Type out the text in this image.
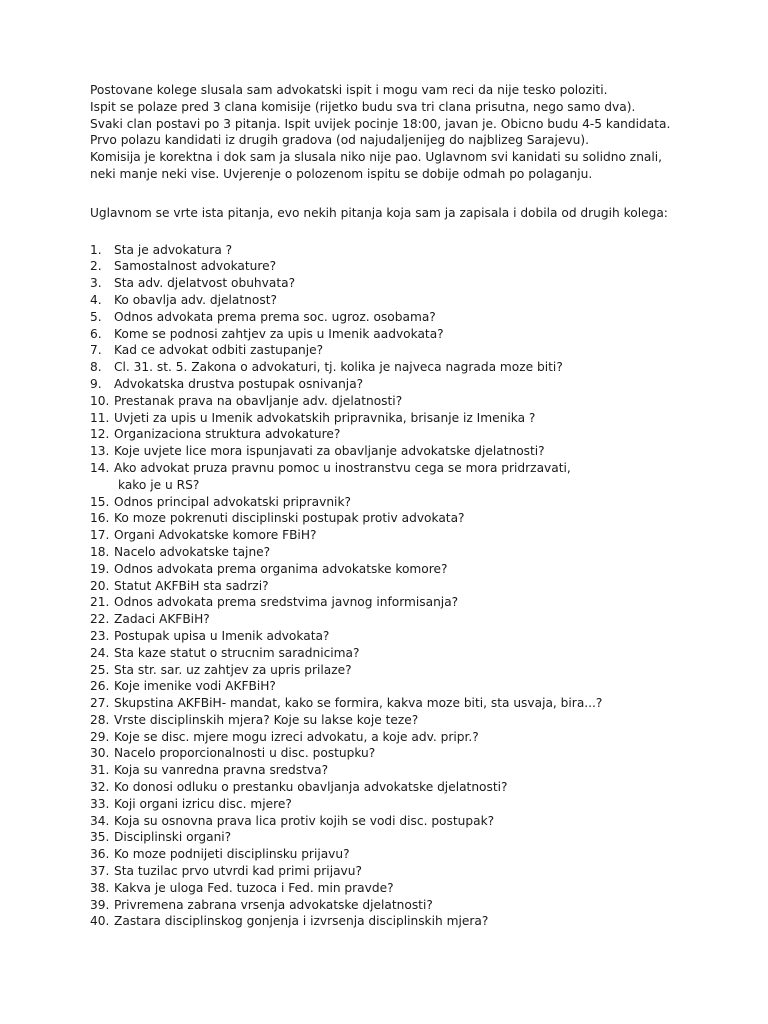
Postovane kolege slusala sam advokatski ispit i mogu vam reci da nije tesko poloziti.
Ispit se polaze pred 3 clana komisije (rijetko budu sva tri clana prisutna, nego samo dva).
Svaki clan postavi po 3 pitanja. Ispit uvijek pocinje 18:00, javan je. Obicno budu 4-5 kandidata.
Prvo polazu kandidati iz drugih gradova (od najudaljenijeg do najblizeg Sarajevu).
Komisija je korektna i dok sam ja slusala niko nije pao. Uglavnom svi kanidati su solidno znali,
neki manje neki vise. Uvjerenje o polozenom ispitu se dobije odmah po polaganju.

Uglavnom se vrte ista pitanja, evo nekih pitanja koja sam ja zapisala i dobila od drugih kolega:

1.	Sta je advokatura ?
2.	Samostalnost advokature?
3.	Sta adv. djelatvost obuhvata?
4.	Ko obavlja adv. djelatnost?
5.	Odnos advokata prema prema soc. ugroz. osobama?
6.	Kome se podnosi zahtjev za upis u Imenik aadvokata?
7.	Kad ce advokat odbiti zastupanje?
8.	Cl. 31. st. 5. Zakona o advokaturi, tj. kolika je najveca nagrada moze biti?
9.	Advokatska drustva postupak osnivanja?
10. Prestanak prava na obavljanje adv. djelatnosti?
11. Uvjeti za upis u Imenik advokatskih pripravnika, brisanje iz Imenika ?
12. Organizaciona struktura advokature?
13. Koje uvjete lice mora ispunjavati za obavljanje advokatske djelatnosti?
14. Ako advokat pruza pravnu pomoc u inostranstvu cega se mora pridrzavati,
kako je u RS?
15. Odnos principal advokatski pripravnik?
16. Ko moze pokrenuti disciplinski postupak protiv advokata?
17. Organi Advokatske komore FBiH?
18. Nacelo advokatske tajne?
19. Odnos advokata prema organima advokatske komore?
20. Statut AKFBiH sta sadrzi?
21. Odnos advokata prema sredstvima javnog informisanja?
22. Zadaci AKFBiH?
23. Postupak upisa u Imenik advokata?
24. Sta kaze statut o strucnim saradnicima?
25. Sta str. sar. uz zahtjev za upris prilaze?
26. Koje imenike vodi AKFBiH?
27. Skupstina AKFBiH- mandat, kako se formira, kakva moze biti, sta usvaja, bira...?
28. Vrste disciplinskih mjera? Koje su lakse koje teze?
29. Koje se disc. mjere mogu izreci advokatu, a koje adv. pripr.?
30. Nacelo proporcionalnosti u disc. postupku?
31. Koja su vanredna pravna sredstva?
32. Ko donosi odluku o prestanku obavljanja advokatske djelatnosti?
33. Koji organi izricu disc. mjere?
34. Koja su osnovna prava lica protiv kojih se vodi disc. postupak?
35. Disciplinski organi?
36. Ko moze podnijeti disciplinsku prijavu?
37. Sta tuzilac prvo utvrdi kad primi prijavu?
38. Kakva je uloga Fed. tuzoca i Fed. min pravde?
39. Privremena zabrana vrsenja advokatske djelatnosti?
40. Zastara disciplinskog gonjenja i izvrsenja disciplinskih mjera?
